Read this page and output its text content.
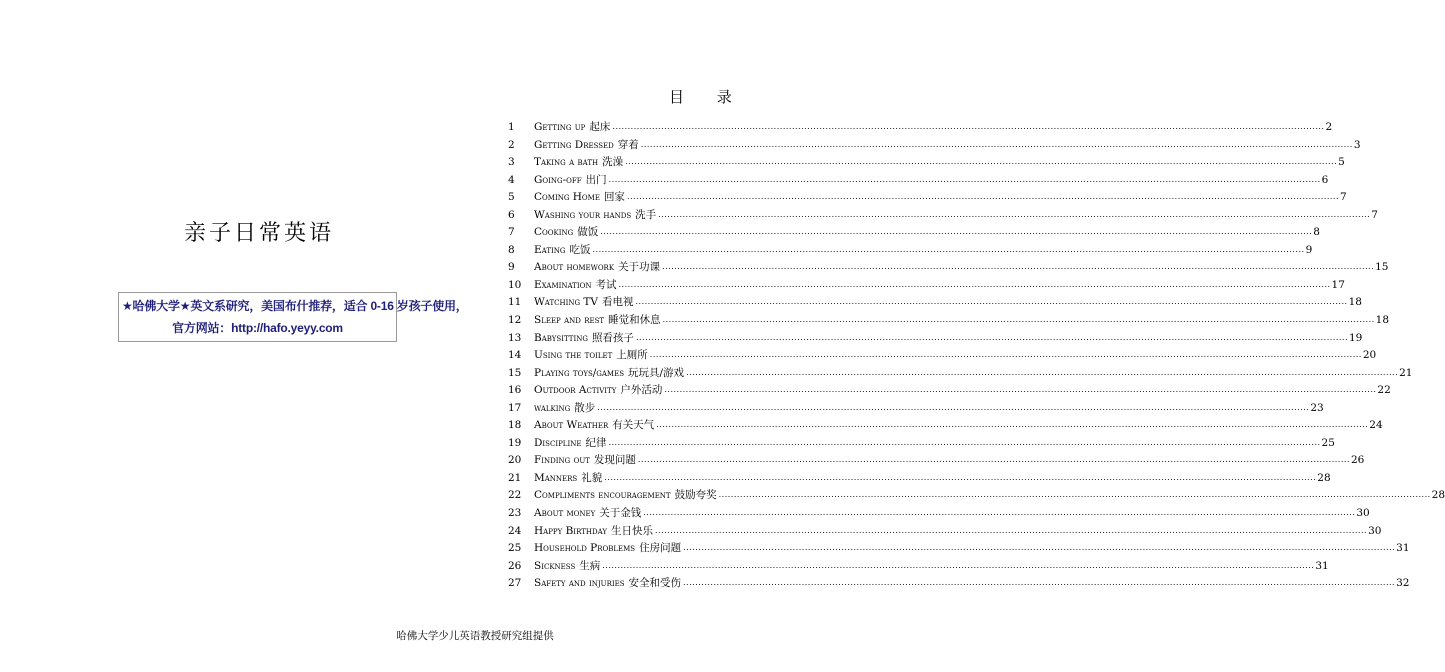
亲子日常英语
★哈佛大学★英文系研究，美国布什推荐，适合 0-16 岁孩子使用，
官方网站：http://hafo.yeyy.com
目 录
1	Getting up 起床 .....	2
2	Getting Dressed 穿着 .....	3
3	Taking a bath 洗澡 .....	5
4	Going-off 出门 .....	6
5	Coming Home 回家 .....	7
6	Washing your hands 洗手 .....	7
7	Cooking 做饭 .....	8
8	Eating 吃饭 .....	9
9	About homework 关于功课 .....	15
10	Examination 考试 .....	17
11	Watching TV 看电视 .....	18
12	Sleep and rest 睡觉和休息 .....	18
13	Babysitting 照看孩子 .....	19
14	Using the toilet 上厕所 .....	20
15	Playing toys/games 玩玩具/游戏 .....	21
16	Outdoor Activity 户外活动 .....	22
17	walking 散步 .....	23
18	About Weather 有关天气 .....	24
19	Discipline 纪律 .....	25
20	Finding out 发现问题 .....	26
21	Manners 礼貌 .....	28
22	Compliments encouragement 鼓励夸奖 .....	28
23	About money 关于金钱 .....	30
24	Happy Birthday 生日快乐 .....	30
25	Household Problems 住房问题 .....	31
26	Sickness 生病 .....	31
27	Safety and injuries 安全和受伤 .....	32
哈佛大学少儿英语教授研究组提供
